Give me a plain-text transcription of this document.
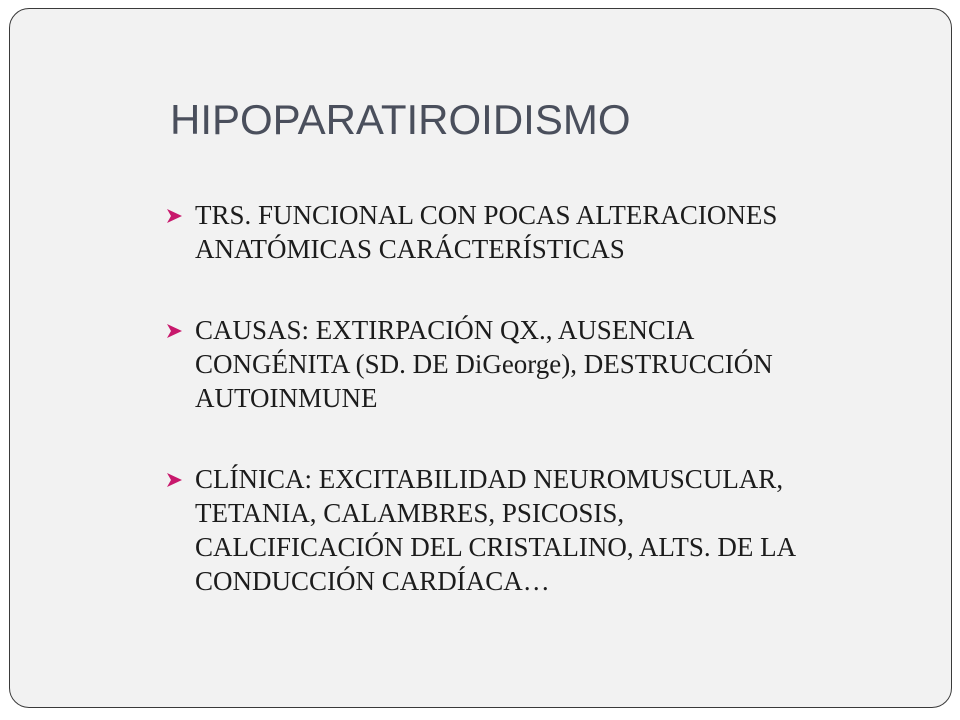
HIPOPARATIROIDISMO
TRS. FUNCIONAL CON POCAS ALTERACIONES
ANATÓMICAS CARÁCTERÍSTICAS
CAUSAS: EXTIRPACIÓN QX., AUSENCIA
CONGÉNITA (SD. DE DiGeorge), DESTRUCCIÓN
AUTOINMUNE
CLÍNICA: EXCITABILIDAD NEUROMUSCULAR,
TETANIA, CALAMBRES, PSICOSIS,
CALCIFICACIÓN DEL CRISTALINO, ALTS. DE LA
CONDUCCIÓN CARDÍACA…
